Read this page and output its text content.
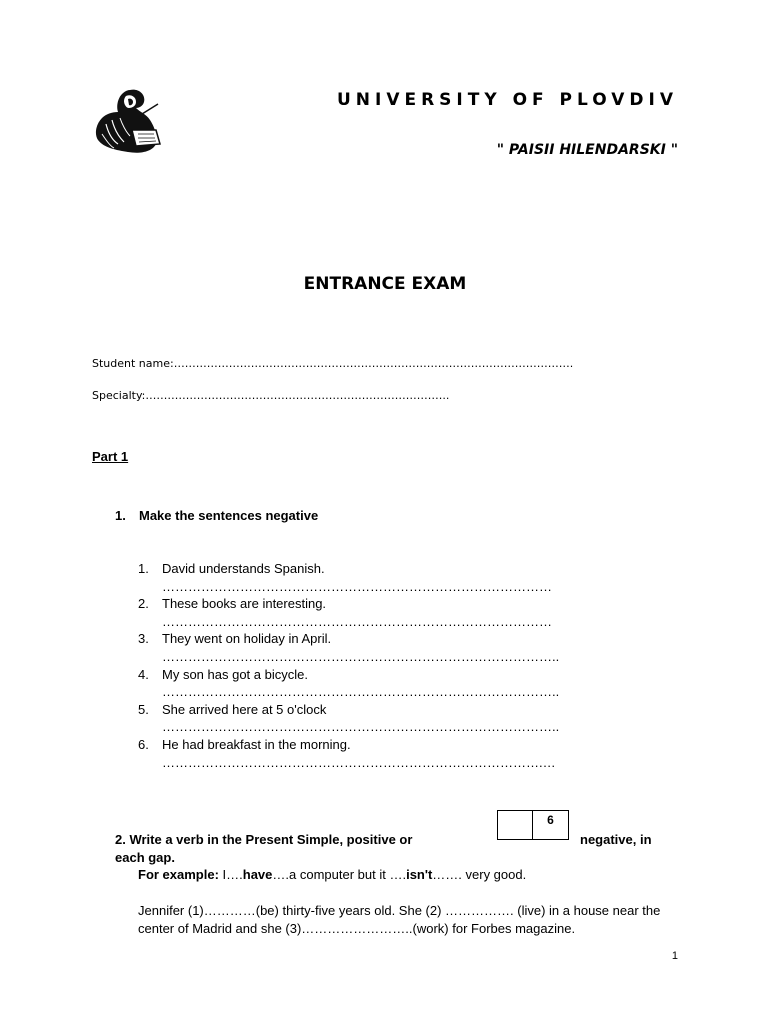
UNIVERSITY OF PLOVDIV
" PAISII HILENDARSKI "
ENTRANCE EXAM
Student name:……………………………………………………………………………………………….
Specialty:………………………………………………………………………..
Part 1
1. Make the sentences negative
1. David understands Spanish.
………………………………………………………………………………
2. These books are interesting.
………………………………………………………………………………
3. They went on holiday in April.
………………………………………………………………………………..
4. My son has got a bicycle.
………………………………………………………………………………..
5. She arrived here at 5 o'clock
………………………………………………………………………………..
6. He had breakfast in the morning.
…………………………………………………………………………….…
6
2. Write a verb in the Present Simple, positive or	negative, in
each gap.
For example: I….have….a computer but it ….isn't……. very good.
Jennifer (1)…………(be) thirty-five years old. She (2) ……………. (live) in a house near the center of Madrid and she (3)……………………..(work) for Forbes magazine.
1
